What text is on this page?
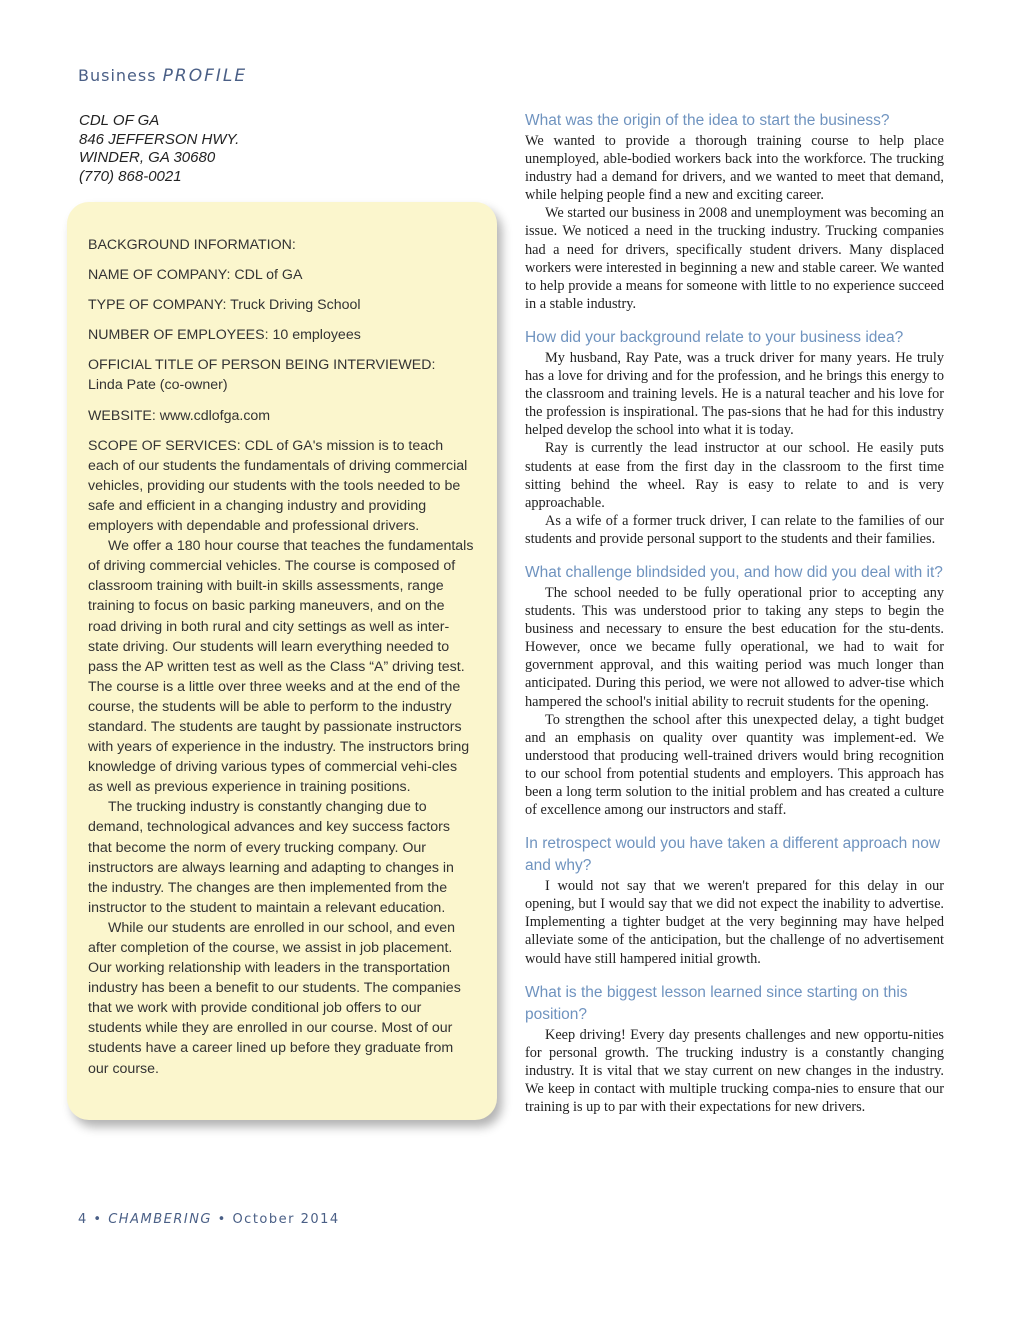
Business PROFILE
CDL OF GA
846 JEFFERSON HWY.
WINDER, GA 30680
(770) 868-0021
BACKGROUND INFORMATION:
NAME OF COMPANY: CDL of GA
TYPE OF COMPANY: Truck Driving School
NUMBER OF EMPLOYEES: 10 employees
OFFICIAL TITLE OF PERSON BEING INTERVIEWED:
Linda Pate (co-owner)
WEBSITE: www.cdlofga.com
SCOPE OF SERVICES: CDL of GA's mission is to teach each of our students the fundamentals of driving commercial vehicles, providing our students with the tools needed to be safe and efficient in a changing industry and providing employers with dependable and professional drivers.
We offer a 180 hour course that teaches the fundamentals of driving commercial vehicles. The course is composed of classroom training with built-in skills assessments, range training to focus on basic parking maneuvers, and on the road driving in both rural and city settings as well as inter-state driving. Our students will learn everything needed to pass the AP written test as well as the Class “A” driving test. The course is a little over three weeks and at the end of the course, the students will be able to perform to the industry standard. The students are taught by passionate instructors with years of experience in the industry. The instructors bring knowledge of driving various types of commercial vehi-cles as well as previous experience in training positions.
The trucking industry is constantly changing due to demand, technological advances and key success factors that become the norm of every trucking company. Our instructors are always learning and adapting to changes in the industry. The changes are then implemented from the instructor to the student to maintain a relevant education.
While our students are enrolled in our school, and even after completion of the course, we assist in job placement. Our working relationship with leaders in the transportation industry has been a benefit to our students. The companies that we work with provide conditional job offers to our students while they are enrolled in our course. Most of our students have a career lined up before they graduate from our course.
What was the origin of the idea to start the business?

We wanted to provide a thorough training course to help place unemployed, able-bodied workers back into the workforce. The trucking industry had a demand for drivers, and we wanted to meet that demand, while helping people find a new and exciting career.

We started our business in 2008 and unemployment was becoming an issue. We noticed a need in the trucking industry. Trucking companies had a need for drivers, specifically student drivers. Many displaced workers were interested in beginning a new and stable career. We wanted to help provide a means for someone with little to no experience succeed in a stable industry.

How did your background relate to your business idea?

My husband, Ray Pate, was a truck driver for many years. He truly has a love for driving and for the profession, and he brings this energy to the classroom and training levels. He is a natural teacher and his love for the profession is inspirational. The pas-sions that he had for this industry helped develop the school into what it is today.

Ray is currently the lead instructor at our school. He easily puts students at ease from the first day in the classroom to the first time sitting behind the wheel. Ray is easy to relate to and is very approachable.

As a wife of a former truck driver, I can relate to the families of our students and provide personal support to the students and their families.

What challenge blindsided you, and how did you deal with it?

The school needed to be fully operational prior to accepting any students. This was understood prior to taking any steps to begin the business and necessary to ensure the best education for the stu-dents. However, once we became fully operational, we had to wait for government approval, and this waiting period was much longer than anticipated. During this period, we were not allowed to adver-tise which hampered the school's initial ability to recruit students for the opening.

To strengthen the school after this unexpected delay, a tight budget and an emphasis on quality over quantity was implement-ed. We understood that producing well-trained drivers would bring recognition to our school from potential students and employers. This approach has been a long term solution to the initial problem and has created a culture of excellence among our instructors and staff.

In retrospect would you have taken a different approach now and why?

I would not say that we weren't prepared for this delay in our opening, but I would say that we did not expect the inability to advertise. Implementing a tighter budget at the very beginning may have helped alleviate some of the anticipation, but the challenge of no advertisement would have still hampered initial growth.

What is the biggest lesson learned since starting on this position?

Keep driving! Every day presents challenges and new opportu-nities for personal growth. The trucking industry is a constantly changing industry. It is vital that we stay current on new changes in the industry. We keep in contact with multiple trucking compa-nies to ensure that our training is up to par with their expectations for new drivers.

4 • CHAMBERING • October 2014
